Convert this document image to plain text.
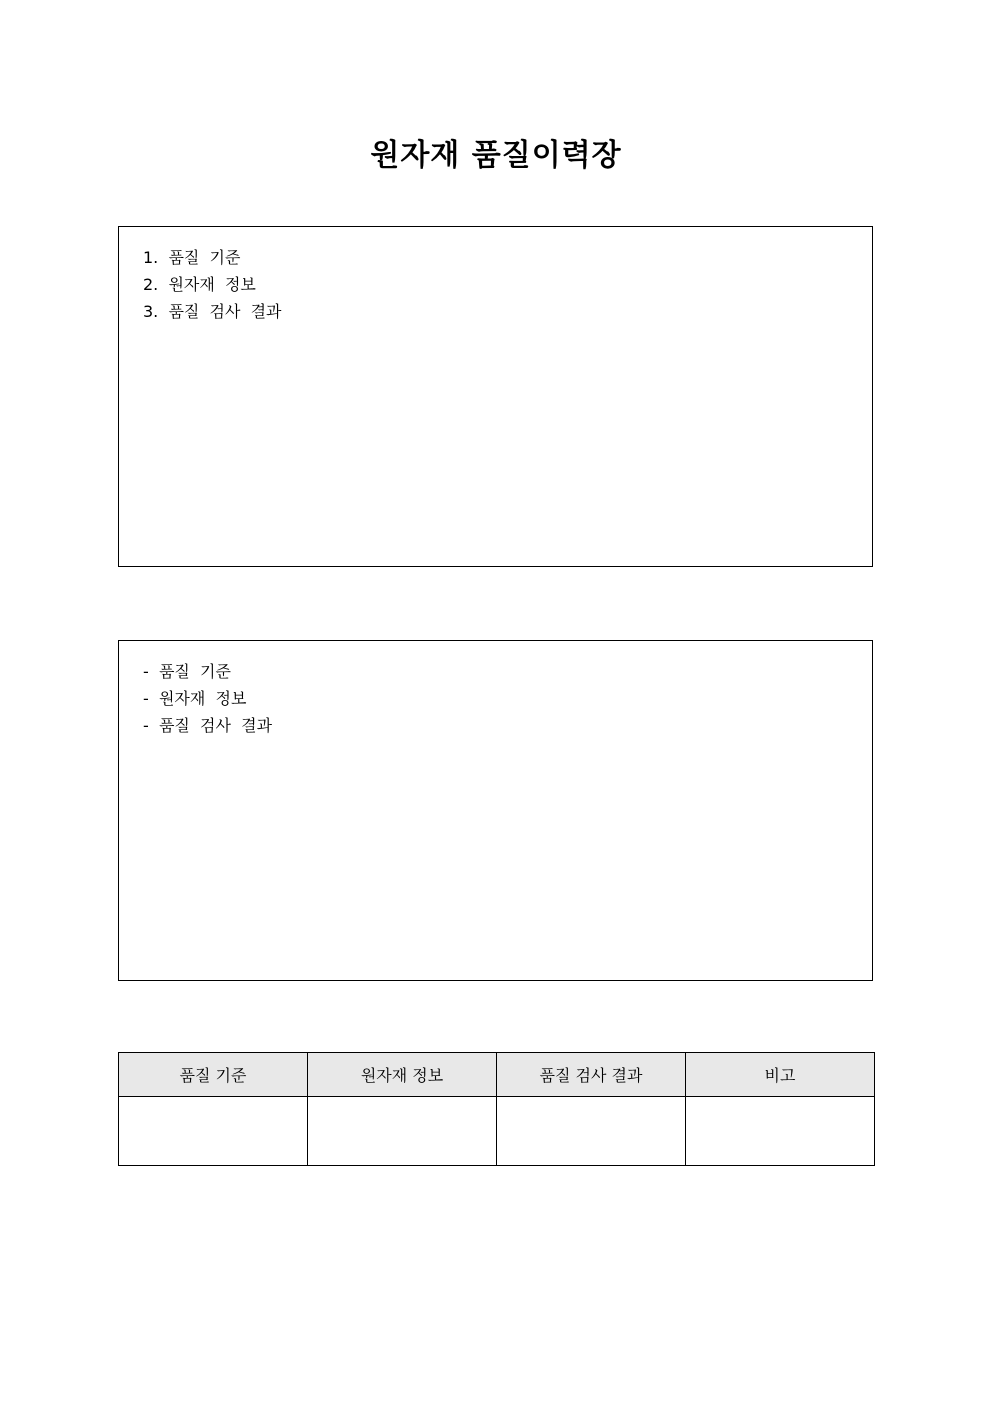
원자재 품질이력장
1.  품질  기준
2.  원자재  정보
3.  품질  검사  결과
-  품질  기준
-  원자재  정보
-  품질  검사  결과
품질 기준	원자재 정보	품질 검사 결과	비고
